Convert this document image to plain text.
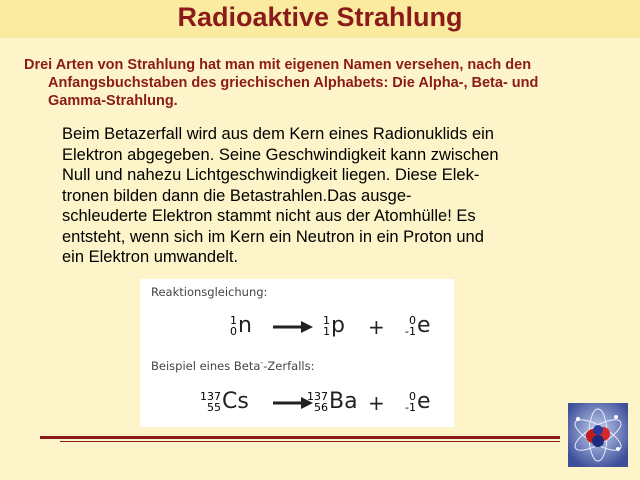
Radioaktive Strahlung
Drei Arten von Strahlung hat man mit eigenen Namen versehen, nach den
Anfangsbuchstaben des griechischen Alphabets: Die Alpha-, Beta- und
Gamma-Strahlung.
Beim Betazerfall wird aus dem Kern eines Radionuklids ein
Elektron abgegeben. Seine Geschwindigkeit kann zwischen
Null und nahezu Lichtgeschwindigkeit liegen. Diese Elek-
tronen bilden dann die Betastrahlen.Das ausge-
schleuderte Elektron stammt nicht aus der Atomhülle! Es
entsteht, wenn sich im Kern ein Neutron in ein Proton und
ein Elektron umwandelt.
Reaktionsgleichung:
1
0 n → 1
1 p + 0
-1 e
Beispiel eines Beta--Zerfalls:
137
55 Cs	137
56 Ba + 0
-1 e
